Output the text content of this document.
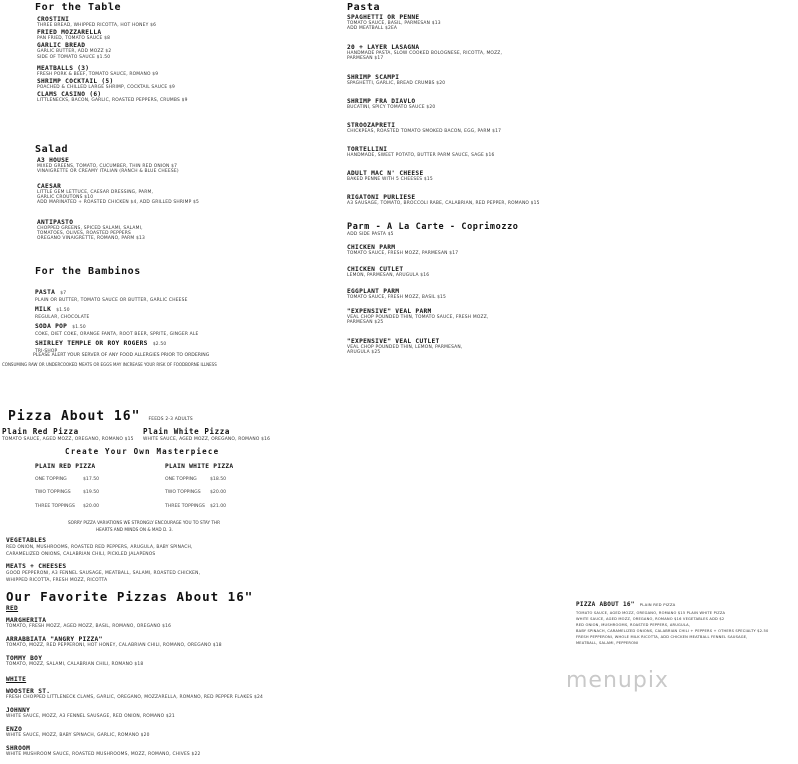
For the Table
CROSTINI
THREE BREAD, WHIPPED RICOTTA, HOT HONEY $6
FRIED MOZZARELLA
PAN FRIED, TOMATO SAUCE $8
GARLIC BREAD
GARLIC BUTTER, ADD MOZZ $2
SIDE OF TOMATO SAUCE $1.50
MEATBALLS (3)
FRESH PORK & BEEF, TOMATO SAUCE, ROMANO $9
SHRIMP COCKTAIL (5)
POACHED & CHILLED LARGE SHRIMP, COCKTAIL SAUCE $9
CLAMS CASINO (6)
LITTLENECKS, BACON, GARLIC, ROASTED PEPPERS, CRUMBS $9
Salad
A3 HOUSE
MIXED GREENS, TOMATO, CUCUMBER, THIN RED ONION $7
VINAIGRETTE OR CREAMY ITALIAN (RANCH & BLUE CHEESE)
CAESAR
LITTLE GEM LETTUCE, CAESAR DRESSING, PARM,
GARLIC CROUTONS $10
ADD MARINATED + ROASTED CHICKEN $4, ADD GRILLED SHRIMP $5
ANTIPASTO
CHOPPED GREENS, SPICED SALAMI, SALAMI,
TOMATOES, OLIVES, ROASTED PEPPERS
OREGANO VINAIGRETTE, ROMANO, PARM $13
For the Bambinos
PASTA $7
PLAIN OR BUTTER, TOMATO SAUCE OR BUTTER, GARLIC CHEESE
MILK $1.50
REGULAR, CHOCOLATE
SODA POP $1.50
COKE, DIET COKE, ORANGE FANTA, ROOT BEER, SPRITE, GINGER ALE
SHIRLEY TEMPLE OR ROY ROGERS $2.50
TRI-SHOP
PLEASE ALERT YOUR SERVER OF ANY FOOD ALLERGIES PRIOR TO ORDERING
CONSUMING RAW OR UNDERCOOKED MEATS OR EGGS MAY INCREASE YOUR RISK OF FOODBORNE ILLNESS
Pasta
SPAGHETTI OR PENNE
TOMATO SAUCE, BASIL, PARMESAN $13
ADD MEATBALL $2EA
20 + LAYER LASAGNA
HANDMADE PASTA, SLOW COOKED BOLOGNESE, RICOTTA, MOZZ,
PARMESAN $17
SHRIMP SCAMPI
SPAGHETTI, GARLIC, BREAD CRUMBS $20
SHRIMP FRA DIAVLO
BUCATINI, SPICY TOMATO SAUCE $20
STROOZAPRETI
CHICKPEAS, ROASTED TOMATO SMOKED BACON, EGG, PARM $17
TORTELLINI
HANDMADE, SWEET POTATO, BUTTER PARM SAUCE, SAGE $16
ADULT MAC N' CHEESE
BAKED PENNE WITH 5 CHEESES $15
RIGATONI PURLIESE
A3 SAUSAGE, TOMATO, BROCCOLI RABE, CALABRIAN, RED PEPPER, ROMANO $15
Parm - A La Carte - Coprimozzo
ADD SIDE PASTA $5
CHICKEN PARM
TOMATO SAUCE, FRESH MOZZ, PARMESAN $17
CHICKEN CUTLET
LEMON, PARMESAN, ARUGULA $16
EGGPLANT PARM
TOMATO SAUCE, FRESH MOZZ, BASIL $15
"EXPENSIVE" VEAL PARM
VEAL CHOP POUNDED THIN, TOMATO SAUCE, FRESH MOZZ,
PARMESAN $25
"EXPENSIVE" VEAL CUTLET
VEAL CHOP POUNDED THIN, LEMON, PARMESAN,
ARUGULA $25
Pizza About 16" FEEDS 2-3 ADULTS
Plain Red Pizza
TOMATO SAUCE, AGED MOZZ, OREGANO, ROMANO $15
Plain White Pizza
WHITE SAUCE, AGED MOZZ, OREGANO, ROMANO $16
Create Your Own Masterpiece
PLAIN RED PIZZA	PLAIN WHITE PIZZA
ONE TOPPING	$17.50	ONE TOPPING	$18.50
TWO TOPPINGS	$19.50	TWO TOPPINGS $20.00
THREE TOPPINGS $20.00	THREE TOPPINGS $21.00
SORRY PIZZA VARIATIONS WE STRONGLY ENCOURAGE YOU TO STAY THR
HEARTS AND MINDS ON & MAD D. 3.
VEGETABLES
RED ONION, MUSHROOMS, ROASTED RED PEPPERS, ARUGULA, BABY SPINACH,
CARAMELIZED ONIONS, CALABRIAN CHILI, PICKLED JALAPENOS
MEATS + CHEESES
GOOD PEPPERONI, A3 FENNEL SAUSAGE, MEATBALL, SALAMI, ROASTED CHICKEN,
WHIPPED RICOTTA, FRESH MOZZ, RICOTTA
Our Favorite Pizzas About 16"
RED
MARGHERITA
TOMATO, FRESH MOZZ, AGED MOZZ, BASIL, ROMANO, OREGANO $16
ARRABBIATA "ANGRY PIZZA"
TOMATO, MOZZ, RED PEPPERONI, HOT HONEY, CALABRIAN CHILI, ROMANO, OREGANO $18
TOMMY BOY
TOMATO, MOZZ, SALAMI, CALABRIAN CHILI, ROMANO $18
WHITE
WOOSTER ST.
FRESH CHOPPED LITTLENECK CLAMS, GARLIC, OREGANO, MOZZARELLA, ROMANO, RED PEPPER FLAKES $24
JOHNNY
WHITE SAUCE, MOZZ, A3 FENNEL SAUSAGE, RED ONION, ROMANO $21
ENZO
WHITE SAUCE, MOZZ, BABY SPINACH, GARLIC, ROMANO $20
SHROOM
WHITE MUSHROOM SAUCE, ROASTED MUSHROOMS, MOZZ, ROMANO, CHIVES $22
PIZZA ABOUT 16" PLAIN RED PIZZA
TOMATO SAUCE, AGED MOZZ, OREGANO, ROMANO $15 PLAIN WHITE PIZZA
WHITE SAUCE, AGED MOZZ, OREGANO, ROMANO $16 VEGETABLES ADD $2
RED ONION, MUSHROOMS, ROASTED PEPPERS, ARUGULA,
BABY SPINACH, CARAMELIZED ONIONS, CALABRIAN CHILI + PEPPERS + OTHERS SPECIALTY $2.50
FRESH PEPPERONI, WHOLE MILK RICOTTA, ADD CHICKEN MEATBALL FENNEL SAUSAGE,
MEATBALL, SALAMI, PEPPERONI
menupix
